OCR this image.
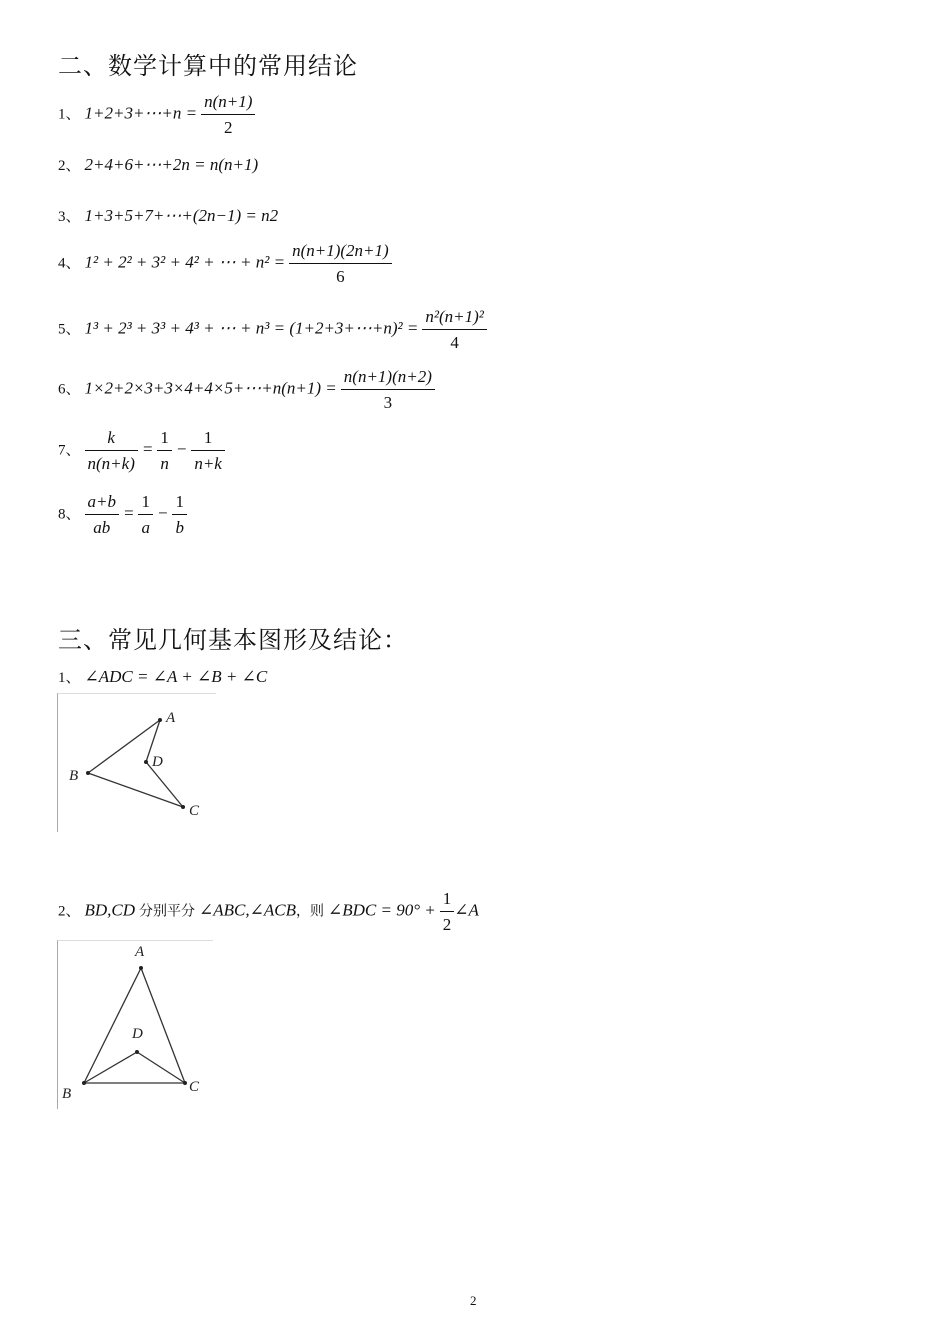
二、数学计算中的常用结论
1、 1+2+3+⋯+n = $\frac{n(n+1)}{2}$
2、 2+4+6+⋯+2n = n(n+1)
3、 1+3+5+7+⋯+(2n−1) = n2
4、 1² + 2² + 3² + 4² + ⋯ + $n^2 = \frac{n(n+1)(2n+1)}{6}$
5、 1³ + 2³ + 3³ + 4³ + ⋯ + n³ = (1+2+3+⋯+n)² = $\frac{\text{n²(n+1)²}}{4}$
6、 1×2+2×3+3×4+4×5+⋯+n(n+1) = $\frac{n(n+1)(n+2)}{3}$
7、 $\frac{k}{n(n+k)} = \frac{1}{n} - \frac{1}{n+k}$
8、 $\frac{a+b}{ab} = \frac{1}{a} - \frac{1}{b}$
三、常见几何基本图形及结论：
1、 ∠ADC = ∠A + ∠B + ∠C
A
B
C
D
2、 BD,CD 分别平分 ∠ABC,∠ACB，则 ∠BDC = $90^\circ + \frac{1}{2}$ ∠A
A
B	C
D
2
